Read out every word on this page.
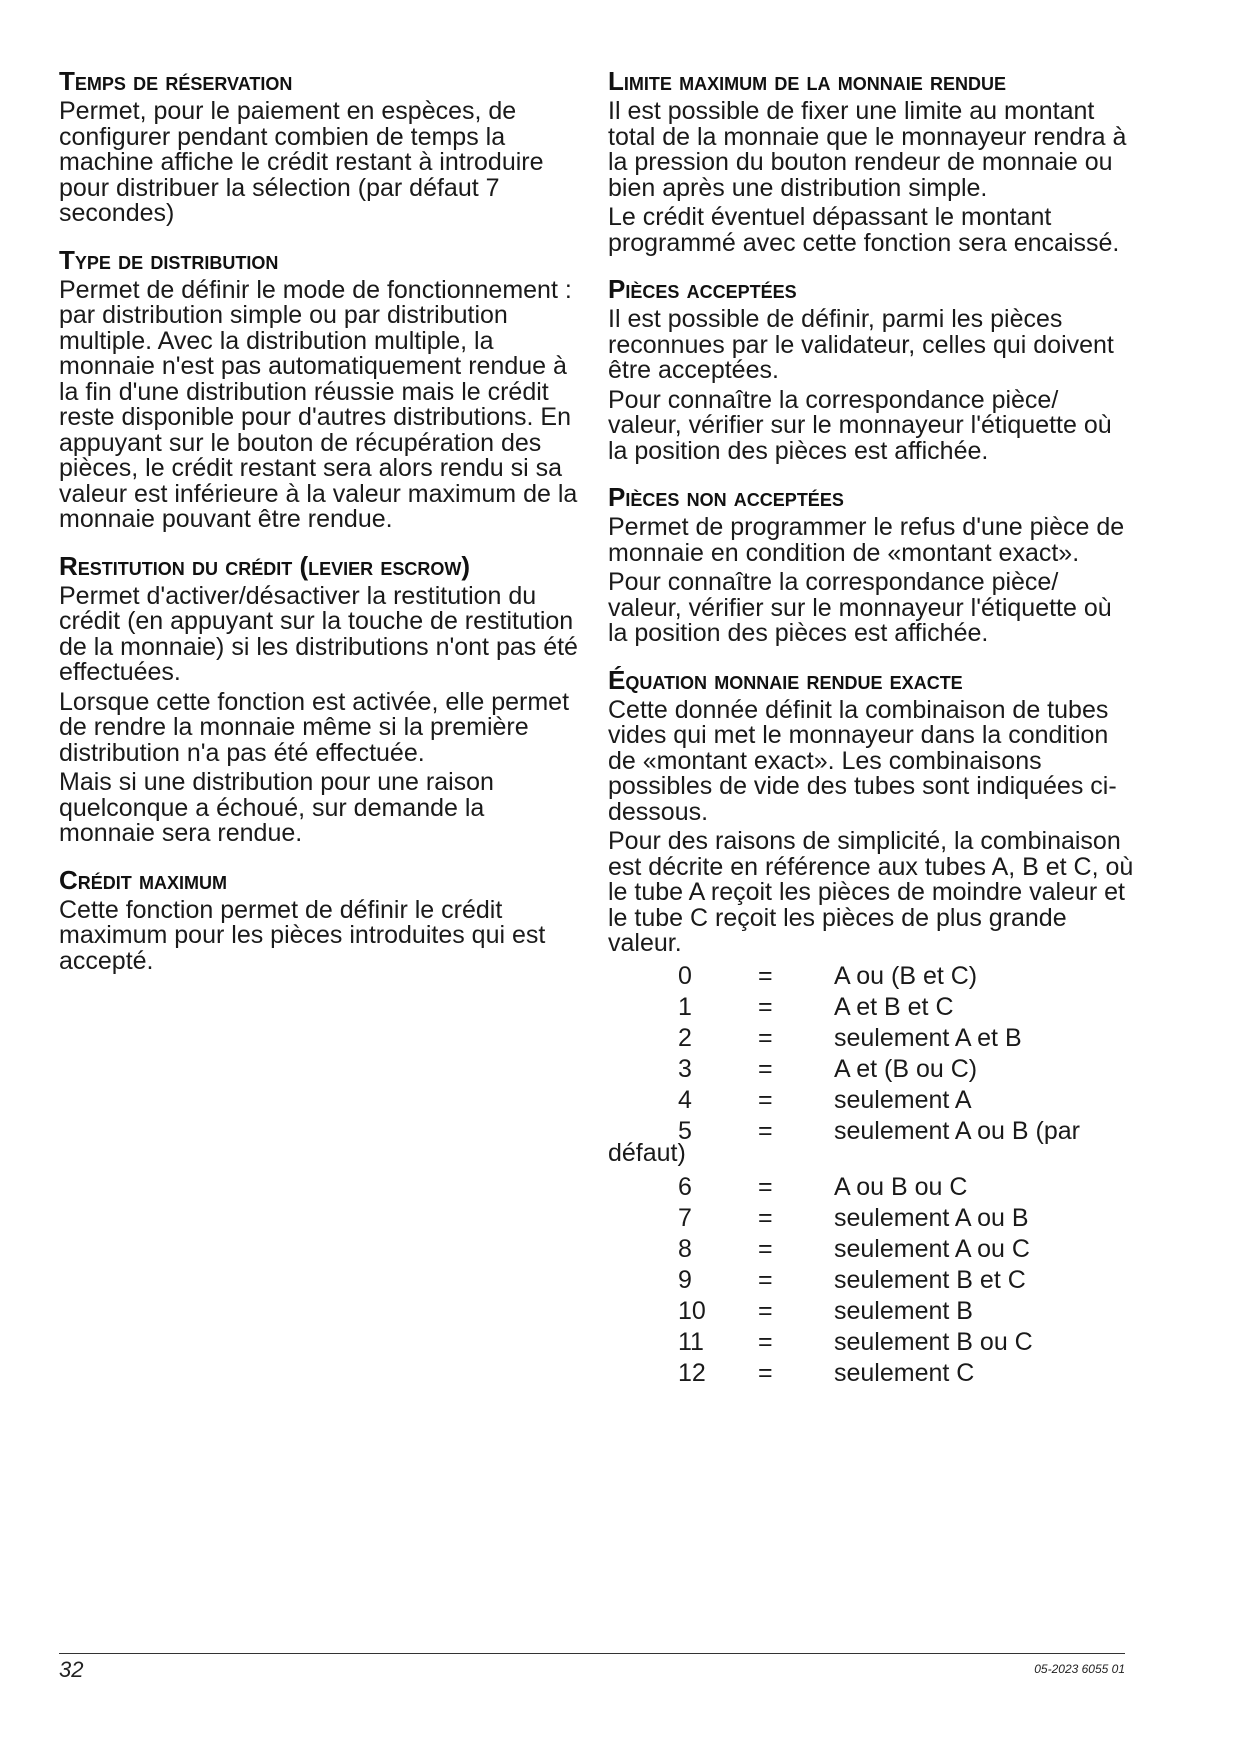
Temps de réservation

Permet, pour le paiement en espèces, de configurer pendant combien de temps la machine affiche le crédit restant à introduire pour distribuer la sélection (par défaut 7 secondes)

Type de distribution

Permet de définir le mode de fonctionnement : par distribution simple ou par distribution multiple. Avec la distribution multiple, la monnaie n'est pas automatiquement rendue à la fin d'une distribution réussie mais le crédit reste disponible pour d'autres distributions. En appuyant sur le bouton de récupération des pièces, le crédit restant sera alors rendu si sa valeur est inférieure à la valeur maximum de la monnaie pouvant être rendue.

Restitution du crédit (levier escrow)

Permet d'activer/désactiver la restitution du crédit (en appuyant sur la touche de restitution de la monnaie) si les distributions n'ont pas été effectuées.

Lorsque cette fonction est activée, elle permet de rendre la monnaie même si la première distribution n'a pas été effectuée.

Mais si une distribution pour une raison quelconque a échoué, sur demande la monnaie sera rendue.

Crédit maximum

Cette fonction permet de définir le crédit maximum pour les pièces introduites qui est accepté.

Limite maximum de la monnaie rendue

Il est possible de fixer une limite au montant total de la monnaie que le monnayeur rendra à la pression du bouton rendeur de monnaie ou bien après une distribution simple.

Le crédit éventuel dépassant le montant programmé avec cette fonction sera encaissé.

Pièces acceptées

Il est possible de définir, parmi les pièces reconnues par le validateur, celles qui doivent être acceptées.

Pour connaître la correspondance pièce/ valeur, vérifier sur le monnayeur l'étiquette où la position des pièces est affichée.

Pièces non acceptées

Permet de programmer le refus d'une pièce de monnaie en condition de «montant exact».

Pour connaître la correspondance pièce/ valeur, vérifier sur le monnayeur l'étiquette où la position des pièces est affichée.

Équation monnaie rendue exacte

Cette donnée définit la combinaison de tubes vides qui met le monnayeur dans la condition de «montant exact». Les combinaisons possibles de vide des tubes sont indiquées ci-dessous.

Pour des raisons de simplicité, la combinaison est décrite en référence aux tubes A, B et C, où le tube A reçoit les pièces de moindre valeur et le tube C reçoit les pièces de plus grande valeur.

0	= A ou (B et C)
1	= A et B et C
2	= seulement A et B
3	= A et (B ou C)
4	= seulement A
5	= seulement A ou B (par
défaut)
6	= A ou B ou C
7	= seulement A ou B
8	= seulement A ou C
9	= seulement B et C
10	= seulement B
11	= seulement B ou C
12	= seulement C
32	05-2023 6055 01
